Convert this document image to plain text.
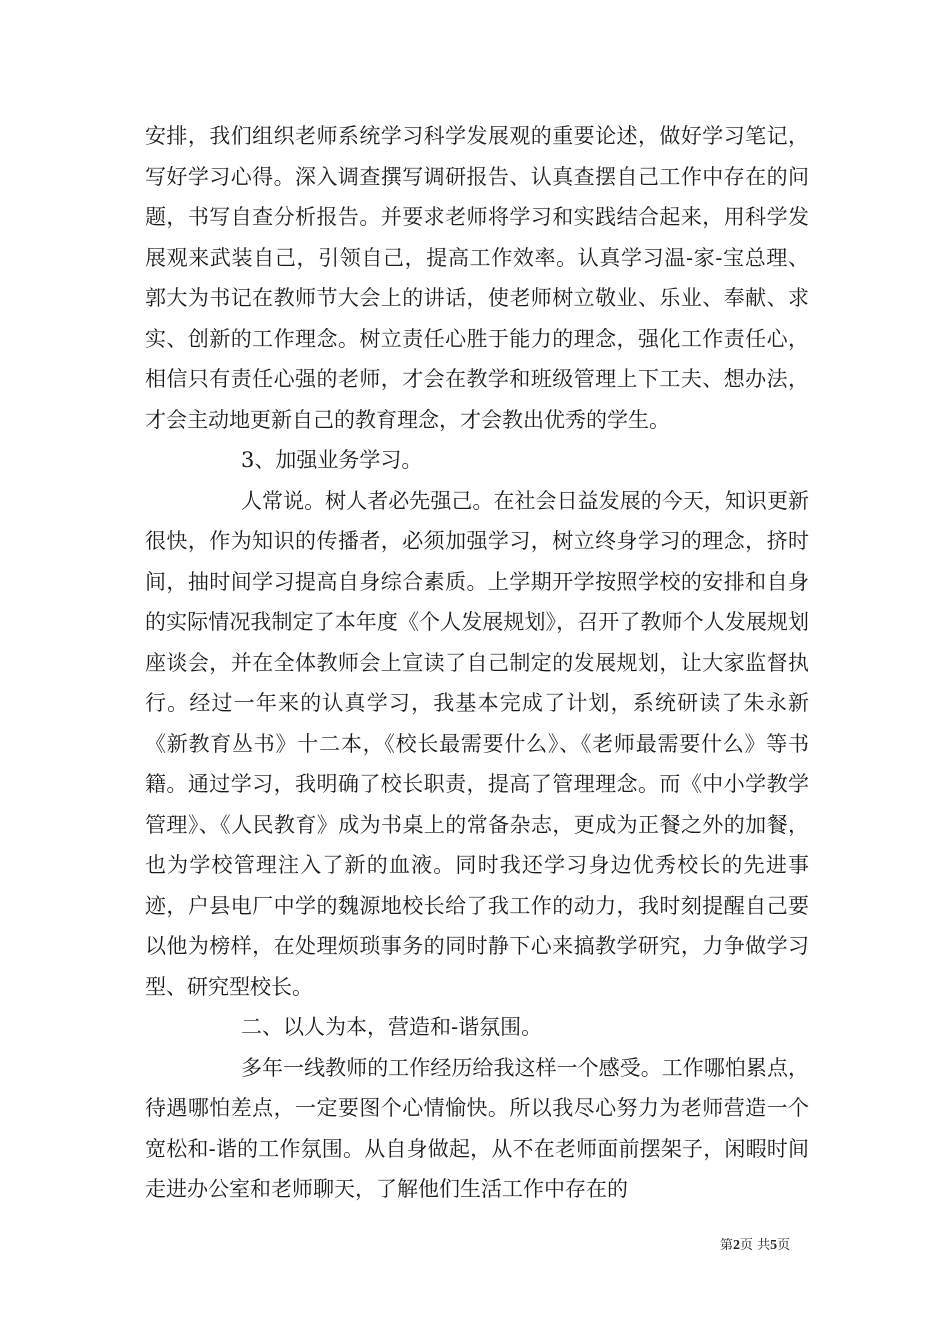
安排，我们组织老师系统学习科学发展观的重要论述，做好学习笔记，写好学习心得。深入调查撰写调研报告、认真查摆自己工作中存在的问题，书写自查分析报告。并要求老师将学习和实践结合起来，用科学发展观来武装自己，引领自己，提高工作效率。认真学习温-家-宝总理、郭大为书记在教师节大会上的讲话，使老师树立敬业、乐业、奉献、求实、创新的工作理念。树立责任心胜于能力的理念，强化工作责任心，相信只有责任心强的老师，才会在教学和班级管理上下工夫、想办法，才会主动地更新自己的教育理念，才会教出优秀的学生。

3、加强业务学习。

人常说。树人者必先强己。在社会日益发展的今天，知识更新很快，作为知识的传播者，必须加强学习，树立终身学习的理念，挤时间，抽时间学习提高自身综合素质。上学期开学按照学校的安排和自身的实际情况我制定了本年度《个人发展规划》，召开了教师个人发展规划座谈会，并在全体教师会上宣读了自己制定的发展规划，让大家监督执行。经过一年来的认真学习，我基本完成了计划，系统研读了朱永新《新教育丛书》十二本，《校长最需要什么》、《老师最需要什么》等书籍。通过学习，我明确了校长职责，提高了管理理念。而《中小学教学管理》、《人民教育》成为书桌上的常备杂志，更成为正餐之外的加餐，也为学校管理注入了新的血液。同时我还学习身边优秀校长的先进事迹，户县电厂中学的魏源地校长给了我工作的动力，我时刻提醒自己要以他为榜样，在处理烦琐事务的同时静下心来搞教学研究，力争做学习型、研究型校长。

二、以人为本，营造和-谐氛围。

多年一线教师的工作经历给我这样一个感受。工作哪怕累点，待遇哪怕差点，一定要图个心情愉快。所以我尽心努力为老师营造一个宽松和-谐的工作氛围。从自身做起，从不在老师面前摆架子，闲暇时间走进办公室和老师聊天，了解他们生活工作中存在的

第2页 共5页
